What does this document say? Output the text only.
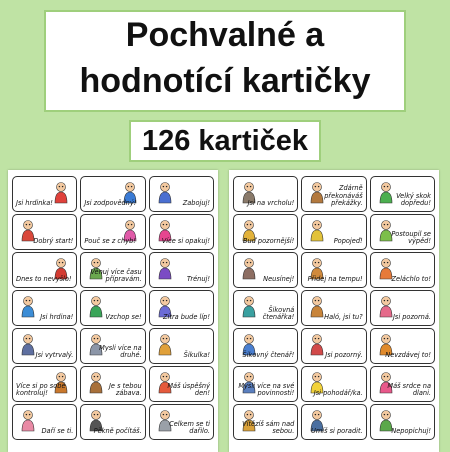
Pochvalné a
hodnotící kartičky
126 kartiček
Jsi hrdinka!	Jsi zodpovědný!	Zabojuj!
Dobrý start! Pouč se z chyb!	Více si opakuj!
Dnes to nevyšlo!
Věnuj více času přípravám.	Trénuj!
Jsi hrdina!	Vzchop se!	Zítra bude líp!
Jsi vytrvalý.
Mysli více na druhé.	Šikulka!
Více si po sobě kontroluj!
Je s tebou zábava.
Máš úspěšný den!
Daří se ti.	Pěkně počítáš.
Celkem se ti dařilo.
Jsi na vrcholu!
Zdárně překonáváš překážky.
Velký skok dopředu!
Buď pozornější!	Popojeď!
Postoupil se výpěd!
Neusínej!	Přidej na tempu!	Zeláchlo to!
Šikovná čtenářka!	Haló, jsi tu?	Jsi pozorná.
Šikovný čtenář!	Jsi pozorný.	Nevzdávej to!
Mysli více na své povinnosti!	Jsi pohodář/ka.
Máš srdce na dlani.
Vítězíš sám nad sebou.	Umíš si poradit.	Nepopichuj!
